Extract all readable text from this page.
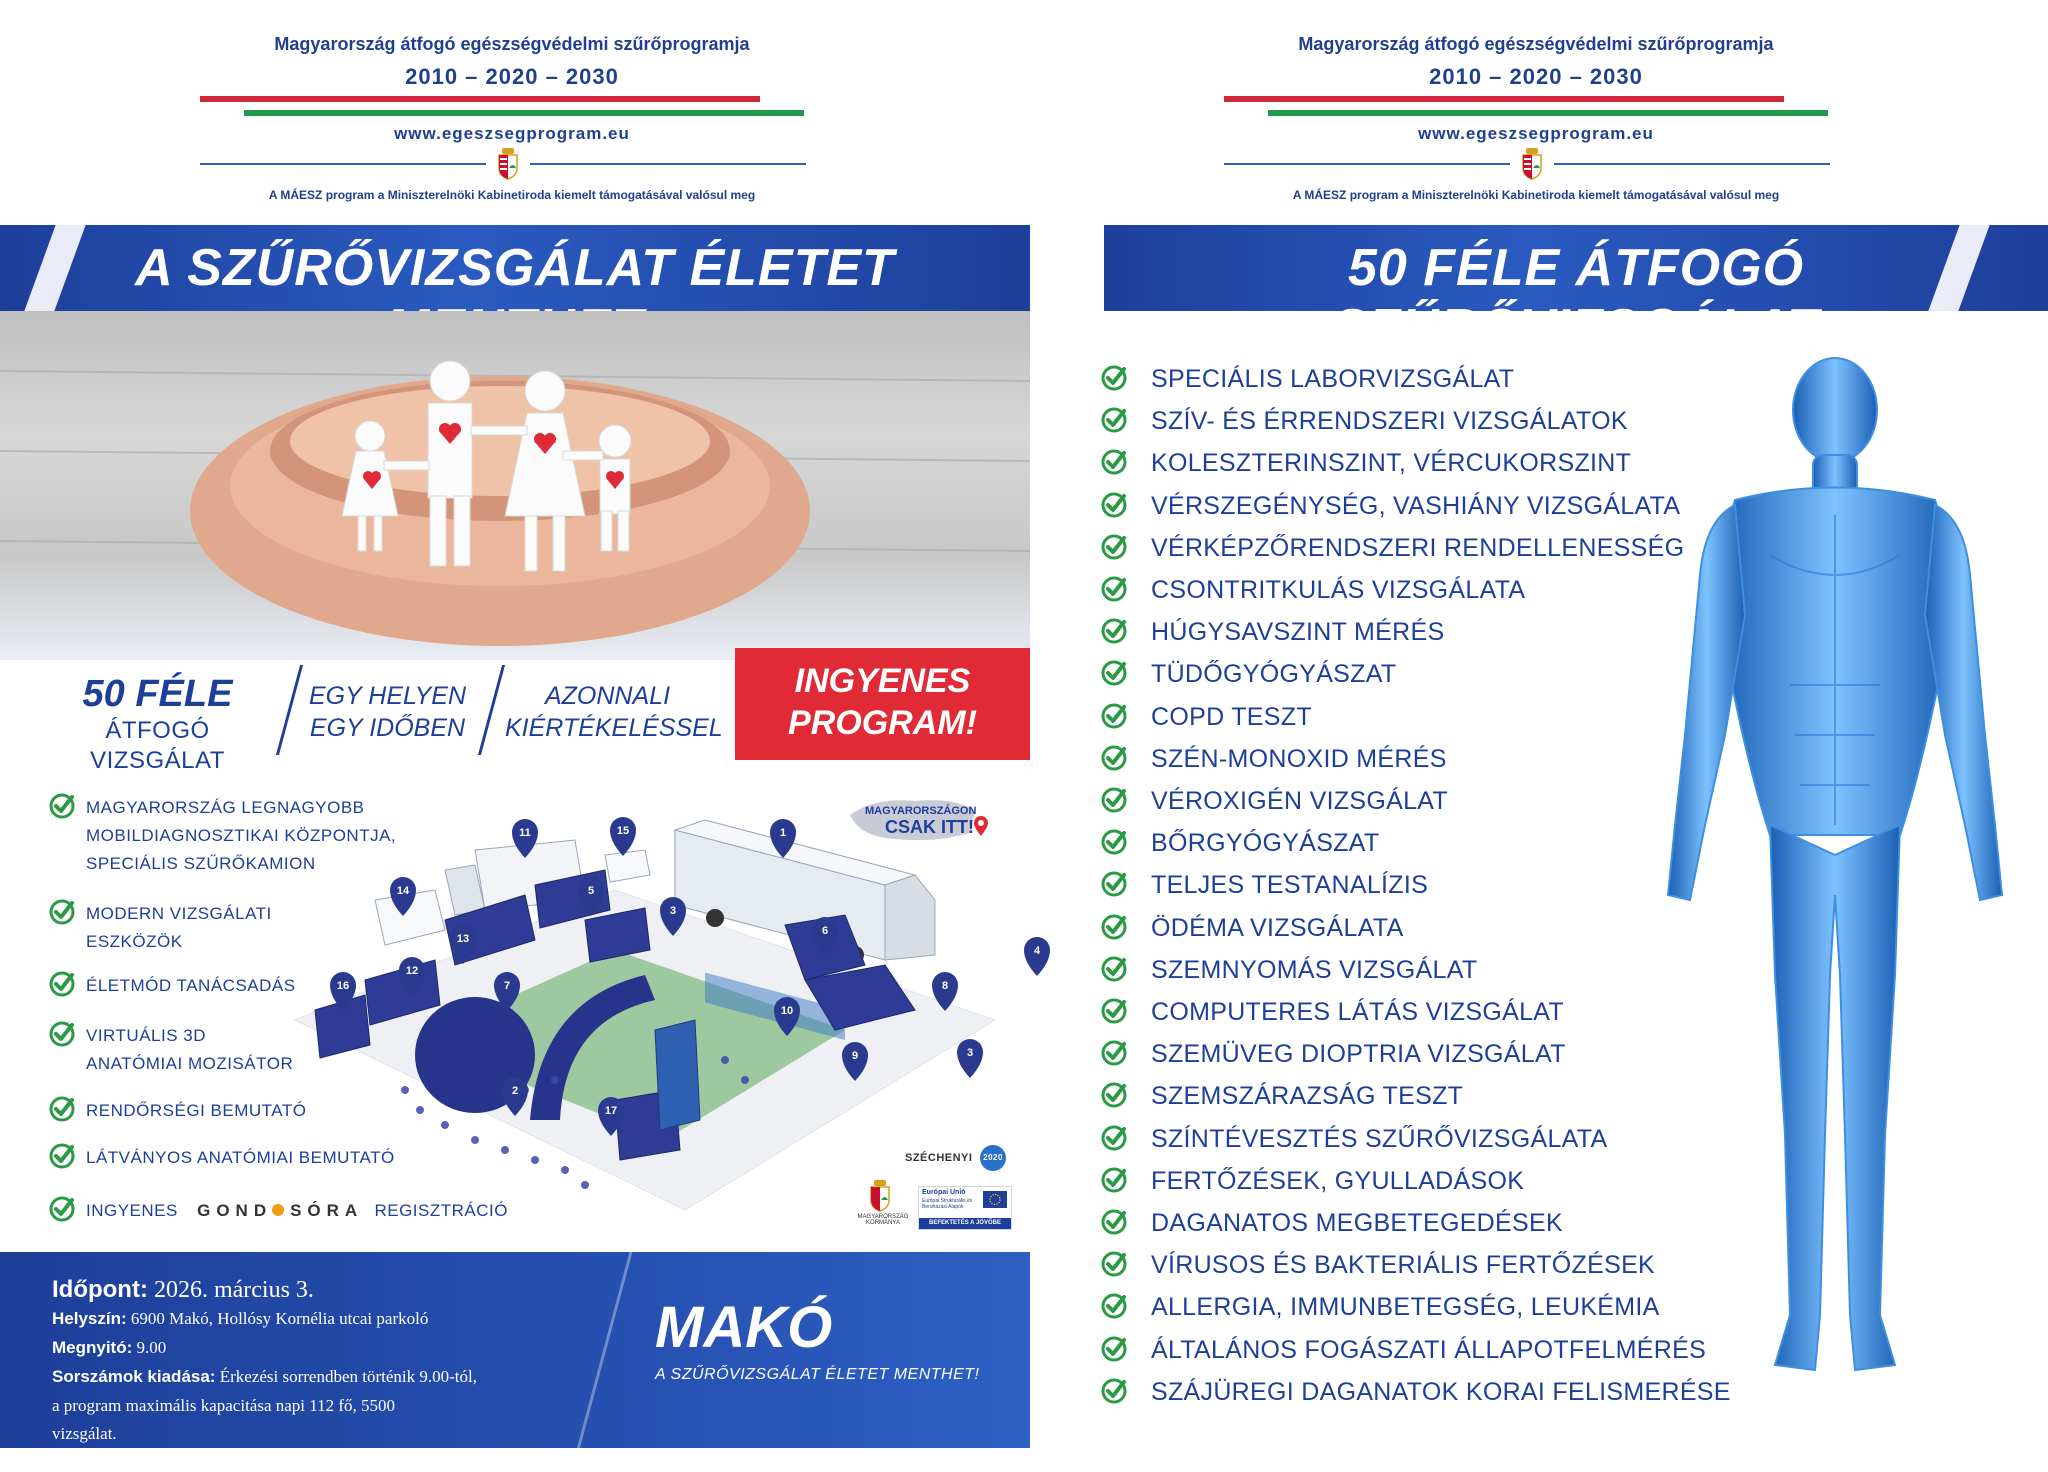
Magyarország átfogó egészségvédelmi szűrőprogramja
2010 – 2020 – 2030
www.egeszsegprogram.eu
A MÁESZ program a Miniszterelnöki Kabinetiroda kiemelt támogatásával valósul meg
Magyarország átfogó egészségvédelmi szűrőprogramja
2010 – 2020 – 2030
www.egeszsegprogram.eu
A MÁESZ program a Miniszterelnöki Kabinetiroda kiemelt támogatásával valósul meg
A SZŰRŐVIZSGÁLAT ÉLETET	50 FÉLE ÁTFOGÓ SZŰRŐVIZSGÁLAT
50 FÉLE
ÁTFOGÓ VIZSGÁLAT
EGY HELYEN
EGY IDŐBEN
AZONNALI
KIÉRTÉKELÉSSEL
INGYENES
PROGRAM!
MAGYARORSZÁG LEGNAGYOBB
MOBILDIAGNOSZTIKAI KÖZPONTJA,
SPECIÁLIS SZŰRŐKAMION
MODERN VIZSGÁLATI
ESZKÖZÖK
ÉLETMÓD TANÁCSADÁS
VIRTUÁLIS 3D
ANATÓMIAI MOZISÁTOR
RENDŐRSÉGI BEMUTATÓ
LÁTVÁNYOS ANATÓMIAI BEMUTATÓ
INGYENES GOND SÓRA REGISZTRÁCIÓ
1
2
3
4
5
6
7	8
9
10
11
12
13
14
15
16
17
3
MAGYARORSZÁGON
CSAK ITT!
SZÉCHENYI 2020
MAGYARORSZÁG KORMÁNYA
Európai Unió
Európai Strukturális és Beruházási Alapok
BEFEKTETÉS A JÖVŐBE
Időpont: 2026. március 3.
Helyszín: 6900 Makó, Hollósy Kornélia utcai parkoló
Megnyitó: 9.00
Sorszámok kiadása: Érkezési sorrendben történik 9.00-tól,
a program maximális kapacitása napi 112 fő, 5500
vizsgálat.
MAKÓ
A SZŰRŐVIZSGÁLAT ÉLETET MENTHET!
SPECIÁLIS LABORVIZSGÁLAT
SZÍV- ÉS ÉRRENDSZERI VIZSGÁLATOK
KOLESZTERINSZINT, VÉRCUKORSZINT
VÉRSZEGÉNYSÉG, VASHIÁNY VIZSGÁLATA
VÉRKÉPZŐRENDSZERI RENDELLENESSÉG
CSONTRITKULÁS VIZSGÁLATA
HÚGYSAVSZINT MÉRÉS
TÜDŐGYÓGYÁSZAT
COPD TESZT
SZÉN-MONOXID MÉRÉS
VÉROXIGÉN VIZSGÁLAT
BŐRGYÓGYÁSZAT
TELJES TESTANALÍZIS
ÖDÉMA VIZSGÁLATA
SZEMNYOMÁS VIZSGÁLAT
COMPUTERES LÁTÁS VIZSGÁLAT
SZEMÜVEG DIOPTRIA VIZSGÁLAT
SZEMSZÁRAZSÁG TESZT
SZÍNTÉVESZTÉS SZŰRŐVIZSGÁLATA
FERTŐZÉSEK, GYULLADÁSOK
DAGANATOS MEGBETEGEDÉSEK
VÍRUSOS ÉS BAKTERIÁLIS FERTŐZÉSEK
ALLERGIA, IMMUNBETEGSÉG, LEUKÉMIA
ÁLTALÁNOS FOGÁSZATI ÁLLAPOTFELMÉRÉS
SZÁJÜREGI DAGANATOK KORAI FELISMERÉSE
